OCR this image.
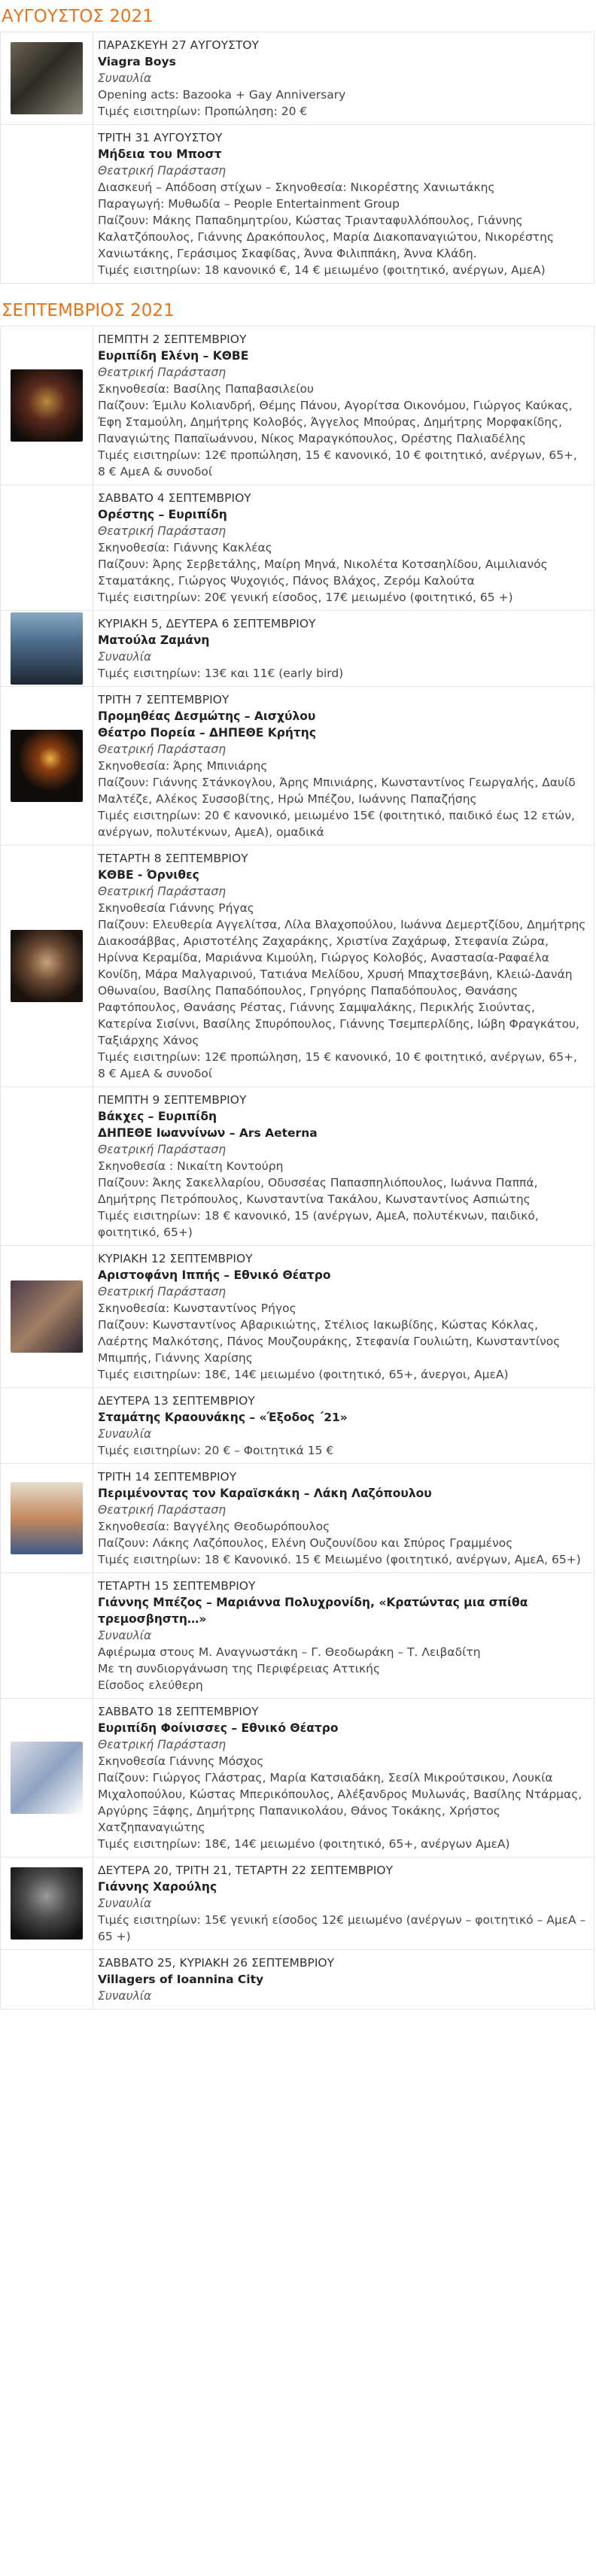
ΑΥΓΟΥΣΤΟΣ 2021
ΠΑΡΑΣΚΕΥΗ 27 ΑΥΓΟΥΣΤΟΥ
Viagra Boys
Συναυλία
Opening acts: Bazooka + Gay Anniversary
Τιμές εισιτηρίων: Προπώληση: 20 €
ΤΡΙΤΗ 31 ΑΥΓΟΥΣΤΟΥ
Μήδεια του Μποστ
Θεατρική Παράσταση
Διασκευή – Απόδοση στίχων – Σκηνοθεσία: Νικορέστης Χανιωτάκης
Παραγωγή: Μυθωδία – People Entertainment Group
Παίζουν: Μάκης Παπαδημητρίου, Κώστας Τριανταφυλλόπουλος, Γιάννης Καλατζόπουλος, Γιάννης Δρακόπουλος, Μαρία Διακοπαναγιώτου, Νικορέστης Χανιωτάκης, Γεράσιμος Σκαφίδας, Άννα Φιλιππάκη, Άννα Κλάδη.
Τιμές εισιτηρίων: 18 κανονικό €, 14 € μειωμένο (φοιτητικό, ανέργων, ΑμεΑ)
ΣΕΠΤΕΜΒΡΙΟΣ 2021
ΠΕΜΠΤΗ 2 ΣΕΠΤΕΜΒΡΙΟΥ
Ευριπίδη Ελένη – ΚΘΒΕ
Θεατρική Παράσταση
Σκηνοθεσία: Βασίλης Παπαβασιλείου
Παίζουν: Έμιλυ Κολιανδρή, Θέμης Πάνου, Αγορίτσα Οικονόμου, Γιώργος Καύκας, Έφη Σταμούλη, Δημήτρης Κολοβός, Άγγελος Μπούρας, Δημήτρης Μορφακίδης, Παναγιώτης Παπαϊωάννου, Νίκος Μαραγκόπουλος, Ορέστης Παλιαδέλης
Τιμές εισιτηρίων: 12€ προπώληση, 15 € κανονικό, 10 € φοιτητικό, ανέργων, 65+, 8 € ΑμεΑ & συνοδοί
ΣΑΒΒΑΤΟ 4 ΣΕΠΤΕΜΒΡΙΟΥ
Ορέστης – Ευριπίδη
Θεατρική Παράσταση
Σκηνοθεσία: Γιάννης Κακλέας
Παίζουν: Άρης Σερβετάλης, Μαίρη Μηνά, Νικολέτα Κοτσαηλίδου, Αιμιλιανός Σταματάκης, Γιώργος Ψυχογιός, Πάνος Βλάχος, Ζερόμ Καλούτα
Τιμές εισιτηρίων: 20€ γενική είσοδος, 17€ μειωμένο (φοιτητικό, 65 +)
ΚΥΡΙΑΚΗ 5, ΔΕΥΤΕΡΑ 6 ΣΕΠΤΕΜΒΡΙΟΥ
Ματούλα Ζαμάνη
Συναυλία
Τιμές εισιτηρίων: 13€ και 11€ (early bird)
ΤΡΙΤΗ 7 ΣΕΠΤΕΜΒΡΙΟΥ
Προμηθέας Δεσμώτης – Αισχύλου
Θέατρο Πορεία – ΔΗΠΕΘΕ Κρήτης
Θεατρική Παράσταση
Σκηνοθεσία: Άρης Μπινιάρης
Παίζουν: Γιάννης Στάνκογλου, Άρης Μπινιάρης, Κωνσταντίνος Γεωργαλής, Δαυίδ Μαλτέζε, Αλέκος Συσσοβίτης, Ηρώ Μπέζου, Ιωάννης Παπαζήσης
Τιμές εισιτηρίων: 20 € κανονικό, μειωμένο 15€ (φοιτητικό, παιδικό έως 12 ετών, ανέργων, πολυτέκνων, ΑμεΑ), ομαδικά
ΤΕΤΑΡΤΗ 8 ΣΕΠΤΕΜΒΡΙΟΥ
ΚΘΒΕ - Όρνιθες
Θεατρική Παράσταση
Σκηνοθεσία Γιάννης Ρήγας
Παίζουν: Ελευθερία Αγγελίτσα, Λίλα Βλαχοπούλου, Ιωάννα Δεμερτζίδου, Δημήτρης Διακοσάββας, Αριστοτέλης Ζαχαράκης, Χριστίνα Ζαχάρωφ, Στεφανία Ζώρα, Ηρίννα Κεραμίδα, Μαριάννα Κιμούλη, Γιώργος Κολοβός, Αναστασία-Ραφαέλα Κονίδη, Μάρα Μαλγαρινού, Τατιάνα Μελίδου, Χρυσή Μπαχτσεβάνη, Κλειώ-Δανάη Οθωναίου, Βασίλης Παπαδόπουλος, Γρηγόρης Παπαδόπουλος, Θανάσης Ραφτόπουλος, Θανάσης Ρέστας, Γιάννης Σαμψαλάκης, Περικλής Σιούντας, Κατερίνα Σισίννι, Βασίλης Σπυρόπουλος, Γιάννης Τσεμπερλίδης, Ιώβη Φραγκάτου, Ταξιάρχης Χάνος
Τιμές εισιτηρίων: 12€ προπώληση, 15 € κανονικό, 10 € φοιτητικό, ανέργων, 65+, 8 € ΑμεΑ & συνοδοί
ΠΕΜΠΤΗ 9 ΣΕΠΤΕΜΒΡΙΟΥ
Βάκχες – Ευριπίδη
ΔΗΠΕΘΕ Ιωαννίνων – Ars Aeterna
Θεατρική Παράσταση
Σκηνοθεσία : Νικαίτη Κοντούρη
Παίζουν: Άκης Σακελλαρίου, Οδυσσέας Παπασπηλιόπουλος, Ιωάννα Παππά, Δημήτρης Πετρόπουλος, Κωνσταντίνα Τακάλου, Κωνσταντίνος Ασπιώτης
Τιμές εισιτηρίων: 18 € κανονικό, 15 (ανέργων, ΑμεΑ, πολυτέκνων, παιδικό, φοιτητικό, 65+)
ΚΥΡΙΑΚΗ 12 ΣΕΠΤΕΜΒΡΙΟΥ
Αριστοφάνη Ιππής – Εθνικό Θέατρο
Θεατρική Παράσταση
Σκηνοθεσία: Κωνσταντίνος Ρήγος
Παίζουν: Κωνσταντίνος Αβαρικιώτης, Στέλιος Ιακωβίδης, Κώστας Κόκλας, Λαέρτης Μαλκότσης, Πάνος Μουζουράκης, Στεφανία Γουλιώτη, Κωνσταντίνος Μπιμπής, Γιάννης Χαρίσης
Τιμές εισιτηρίων: 18€, 14€ μειωμένο (φοιτητικό, 65+, άνεργοι, ΑμεΑ)
ΔΕΥΤΕΡΑ 13 ΣΕΠΤΕΜΒΡΙΟΥ
Σταμάτης Κραουνάκης – «Έξοδος ΄21»
Συναυλία
Τιμές εισιτηρίων: 20 € – Φοιτητικά 15 €
ΤΡΙΤΗ 14 ΣΕΠΤΕΜΒΡΙΟΥ
Περιμένοντας τον Καραϊσκάκη – Λάκη Λαζόπουλου
Θεατρική Παράσταση
Σκηνοθεσία: Βαγγέλης Θεοδωρόπουλος
Παίζουν: Λάκης Λαζόπουλος, Ελένη Ουζουνίδου και Σπύρος Γραμμένος
Τιμές εισιτηρίων: 18 € Κανονικό. 15 € Μειωμένο (φοιτητικό, ανέργων, ΑμεΑ, 65+)
ΤΕΤΑΡΤΗ 15 ΣΕΠΤΕΜΒΡΙΟΥ
Γιάννης Μπέζος – Μαριάννα Πολυχρονίδη, «Κρατώντας μια σπίθα τρεμοσβηστη…»
Συναυλία
Αφιέρωμα στους Μ. Αναγνωστάκη – Γ. Θεοδωράκη – Τ. Λειβαδίτη
Με τη συνδιοργάνωση της Περιφέρειας Αττικής
Είσοδος ελεύθερη
ΣΑΒΒΑΤΟ 18 ΣΕΠΤΕΜΒΡΙΟΥ
Ευριπίδη Φοίνισσες – Εθνικό Θέατρο
Θεατρική Παράσταση
Σκηνοθεσία Γιάννης Μόσχος
Παίζουν: Γιώργος Γλάστρας, Μαρία Κατσιαδάκη, Σεσίλ Μικρούτσικου, Λουκία Μιχαλοπούλου, Κώστας Μπερικόπουλος, Αλέξανδρος Μυλωνάς, Βασίλης Ντάρμας, Αργύρης Ξάφης, Δημήτρης Παπανικολάου, Θάνος Τοκάκης, Χρήστος Χατζηπαναγιώτης
Τιμές εισιτηρίων: 18€, 14€ μειωμένο (φοιτητικό, 65+, ανέργων ΑμεΑ)
ΔΕΥΤΕΡΑ 20, ΤΡΙΤΗ 21, ΤΕΤΑΡΤΗ 22 ΣΕΠΤΕΜΒΡΙΟΥ
Γιάννης Χαρούλης
Συναυλία
Τιμές εισιτηρίων: 15€ γενική είσοδος 12€ μειωμένο (ανέργων – φοιτητικό – ΑμεΑ – 65 +)
ΣΑΒΒΑΤΟ 25, ΚΥΡΙΑΚΗ 26 ΣΕΠΤΕΜΒΡΙΟΥ
Villagers of Ioannina City
Συναυλία
